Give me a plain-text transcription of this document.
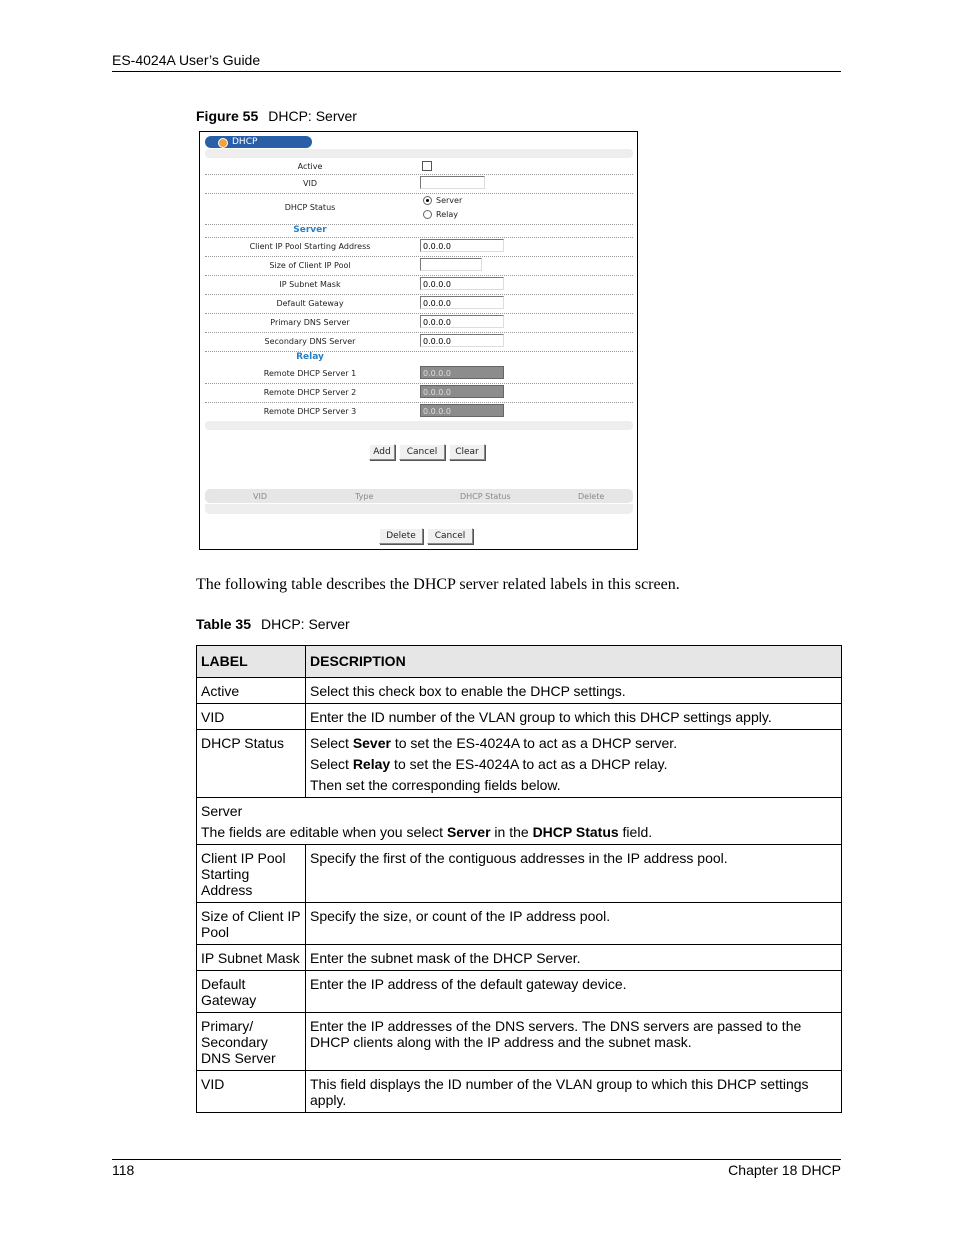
ES-4024A User’s Guide
Figure 55 DHCP: Server
DHCP
Active
VID
DHCP Status
Server
Relay
Server
Client IP Pool Starting Address	0.0.0.0
Size of Client IP Pool
IP Subnet Mask	0.0.0.0
Default Gateway	0.0.0.0
Primary DNS Server	0.0.0.0
Secondary DNS Server	0.0.0.0
Relay
Remote DHCP Server 1	0.0.0.0
Remote DHCP Server 2	0.0.0.0
Remote DHCP Server 3	0.0.0.0
Add	Cancel	Clear
VID	Type	DHCP Status	Delete
Delete	Cancel
The following table describes the DHCP server related labels in this screen.
Table 35 DHCP: Server
LABEL	DESCRIPTION
Active	Select this check box to enable the DHCP settings.
VID	Enter the ID number of the VLAN group to which this DHCP settings apply.
DHCP Status	Select Sever to set the ES-4024A to act as a DHCP server.

Select Relay to set the ES-4024A to act as a DHCP relay.

Then set the corresponding fields below.

Server

The fields are editable when you select Server in the DHCP Status field.	

Client IP Pool Starting Address	Specify the first of the contiguous addresses in the IP address pool.
Size of Client IP Pool	Specify the size, or count of the IP address pool.
IP Subnet Mask	Enter the subnet mask of the DHCP Server.
Default Gateway	Enter the IP address of the default gateway device.
Primary/ Secondary DNS Server	Enter the IP addresses of the DNS servers. The DNS servers are passed to the DHCP clients along with the IP address and the subnet mask.
VID	This field displays the ID number of the VLAN group to which this DHCP settings apply.
118	Chapter 18 DHCP
